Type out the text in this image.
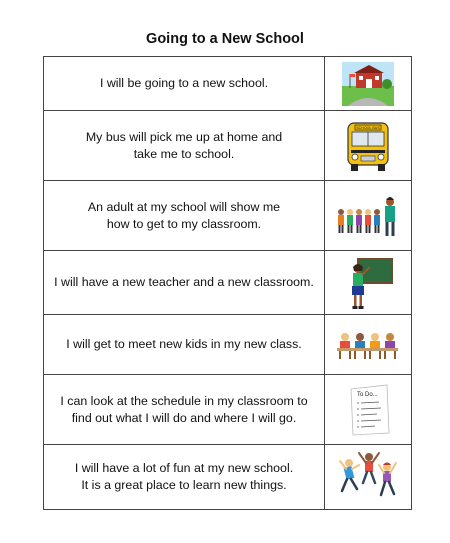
Going to a New School
I will be going to a new school.

My bus will pick me up at home and
take me to school.	SCHOOL BUS

An adult at my school will show me
how to get to my classroom.

I will have a new teacher and a new classroom.

I will get to meet new kids in my new class.

I can look at the schedule in my classroom to
find out what I will do and where I will go.	To Do...

I will have a lot of fun at my new school.
It is a great place to learn new things.
